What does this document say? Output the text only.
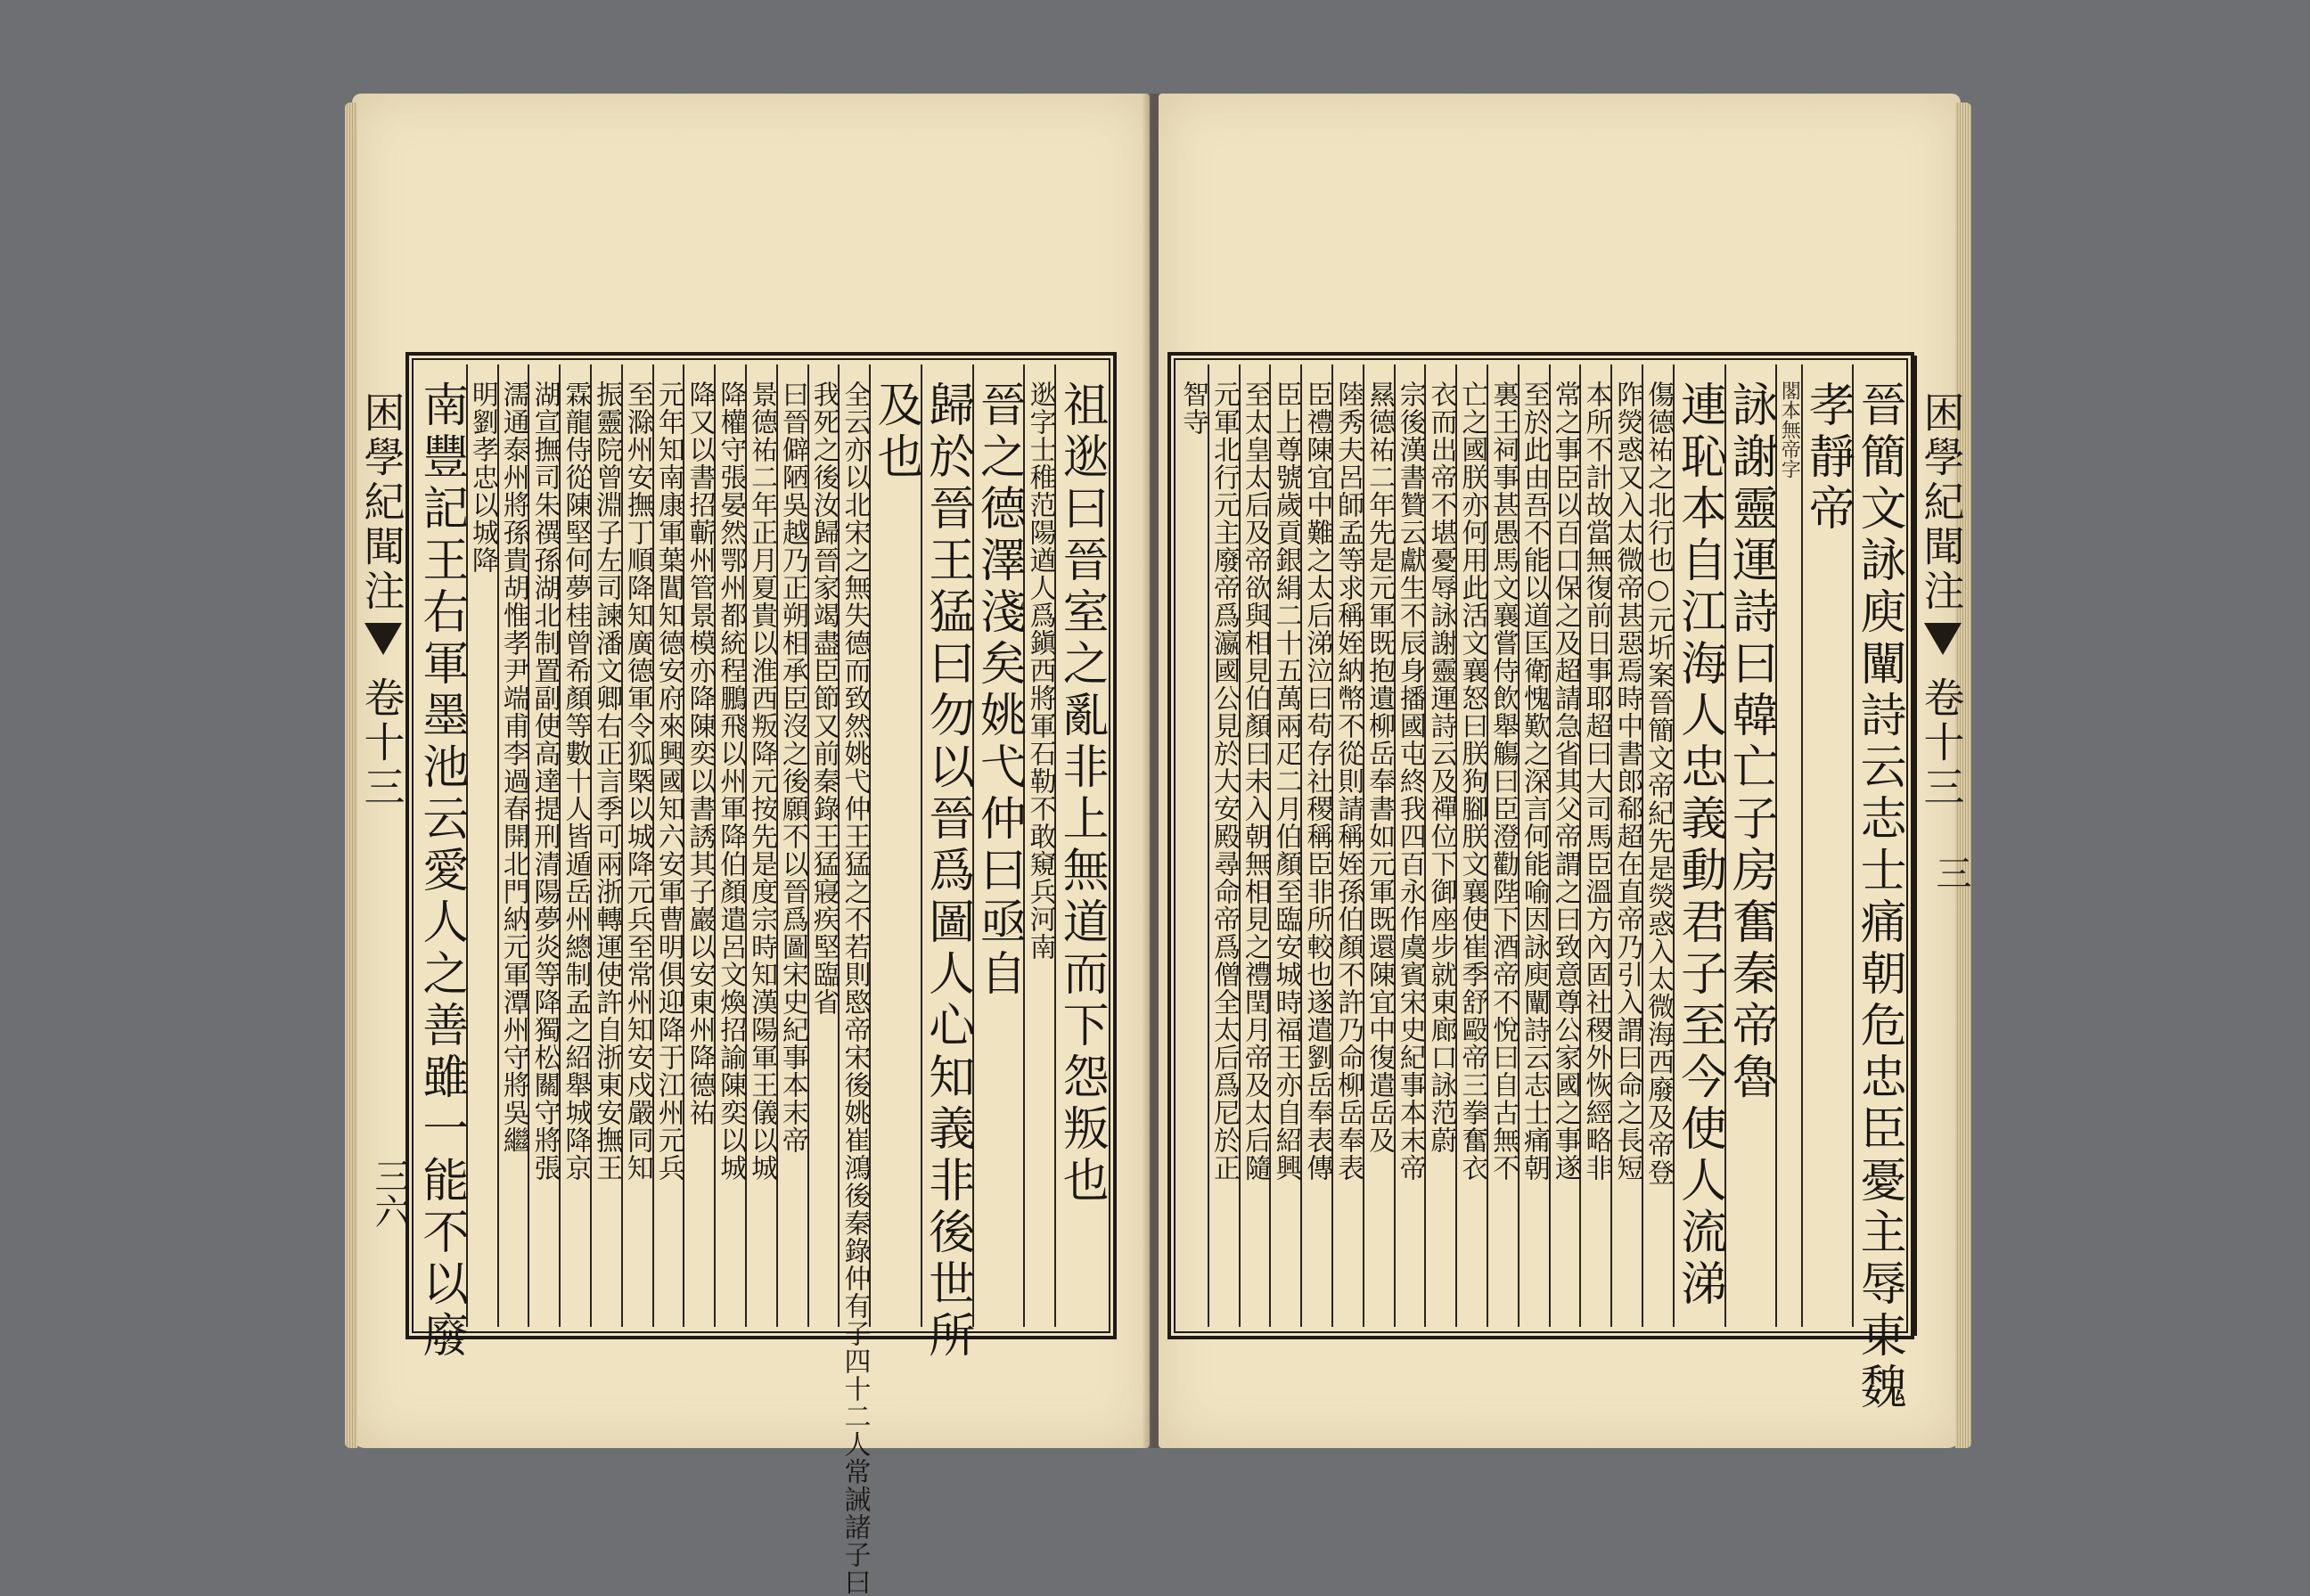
困學紀聞注
卷十三
三六	祖逖曰晉室之亂非上無道而下怨叛也
逖字士稚范陽遒人爲鎭西將軍石勒不敢窺兵河南
晉之德澤淺矣姚弋仲曰亟自
歸於晉王猛曰勿以晉爲圖人心知義非後世所
及也
全云亦以北宋之無失德而致然姚弋仲王猛之不若則愍帝宋後姚崔鴻後秦錄仲有子四十二人常誡諸子曰
我死之後汝歸晉家竭盡臣節又前秦錄王猛寢疾堅臨省
曰晉僻陋吳越乃正朔相承臣沒之後願不以晉爲圖宋史紀事本末帝
景德祐二年正月夏貴以淮西叛降元按先是度宗時知漢陽軍王儀以城
降權守張晏然鄂州都統程鵬飛以州軍降伯顏遣呂文煥招諭陳奕以城
降又以書招蘄州管景模亦降陳奕以書誘其子巖以安東州降德祐
元年知南康軍葉閶知德安府來興國知六安軍曹明俱迎降于江州元兵
至滁州安撫丁順降知廣德軍令狐槩以城降元兵至常州知安戍嚴同知
振靈院曾淵子左司諫潘文卿右正言季可兩浙轉運使許自浙東安撫王
霖龍侍從陳堅何夢桂曾希顏等數十人皆遁岳州總制孟之紹舉城降京
湖宣撫司朱禩孫湖北制置副使高達提刑清陽夢炎等降獨松關守將張
濡通泰州將孫貴胡惟孝尹端甫李過春開北門納元軍潭州守將吳繼
明劉孝忠以城降
南豐記王右軍墨池云愛人之善雖一能不以廢	晉簡文詠庾闡詩云志士痛朝危忠臣憂主辱東魏
孝靜帝
閣本無帝字
詠謝靈運詩曰韓亡子房奮秦帝魯
連恥本自江海人忠義動君子至今使人流涕
傷德祐之北行也○元圻案晉簡文帝紀先是熒惑入太微海西廢及帝登
阼熒惑又入太微帝甚惡焉時中書郎郗超在直帝乃引入謂曰命之長短
本所不計故當無復前日事耶超曰大司馬臣溫方內固社稷外恢經略非
常之事臣以百口保之及超請急省其父帝謂之曰致意尊公家國之事遂
至於此由吾不能以道匡衛愧歎之深言何能喻因詠庾闡詩云志士痛朝
裏王祠事甚愚馬文襄嘗侍飲舉觴曰臣澄勸陛下酒帝不悅曰自古無不
亡之國朕亦何用此活文襄怒曰朕狗腳朕文襄使崔季舒毆帝三拳奮衣
衣而出帝不堪憂辱詠謝靈運詩云及禪位下御座步就東廊口詠范蔚
宗後漢書贊云獻生不辰身播國屯終我四百永作虞賓宋史紀事本末帝
㬎德祐二年先是元軍既抱遺柳岳奉書如元軍既還陳宜中復遣岳及
陸秀夫呂師孟等求稱姪納幣不從則請稱姪孫伯顏不許乃命柳岳奉表
臣禮陳宜中難之太后涕泣曰苟存社稷稱臣非所較也遂遣劉岳奉表傳
臣上尊號歲貢銀絹二十五萬兩疋二月伯顏至臨安城時福王亦自紹興
至太皇太后及帝欲與相見伯顏曰未入朝無相見之禮閏月帝及太后隨
元軍北行元主廢帝爲瀛國公見於大安殿尋命帝爲僧全太后爲尼於正
智寺	困學紀聞注
卷十三
三
